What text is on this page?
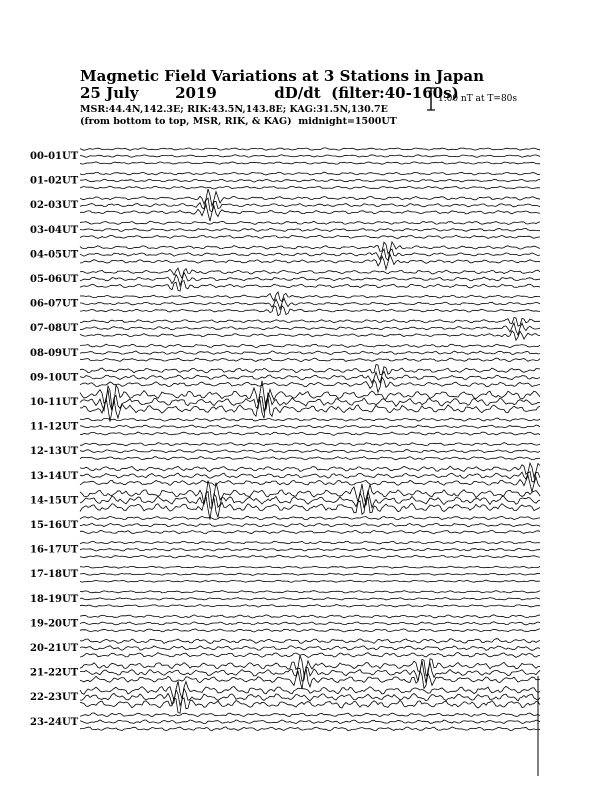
Magnetic Field Variations at 3 Stations in Japan
25 July       2019           dD/dt  (filter:40-160s)
MSR:44.4N,142.3E; RIK:43.5N,143.8E; KAG:31.5N,130.7E
(from bottom to top, MSR, RIK, & KAG)  midnight=1500UT
1.00 nT at T=80s
00-01UT
01-02UT
02-03UT
03-04UT
04-05UT
05-06UT
06-07UT
07-08UT
08-09UT
09-10UT
10-11UT
11-12UT
12-13UT
13-14UT
14-15UT
15-16UT
16-17UT
17-18UT
18-19UT
19-20UT
20-21UT
21-22UT
22-23UT
23-24UT
